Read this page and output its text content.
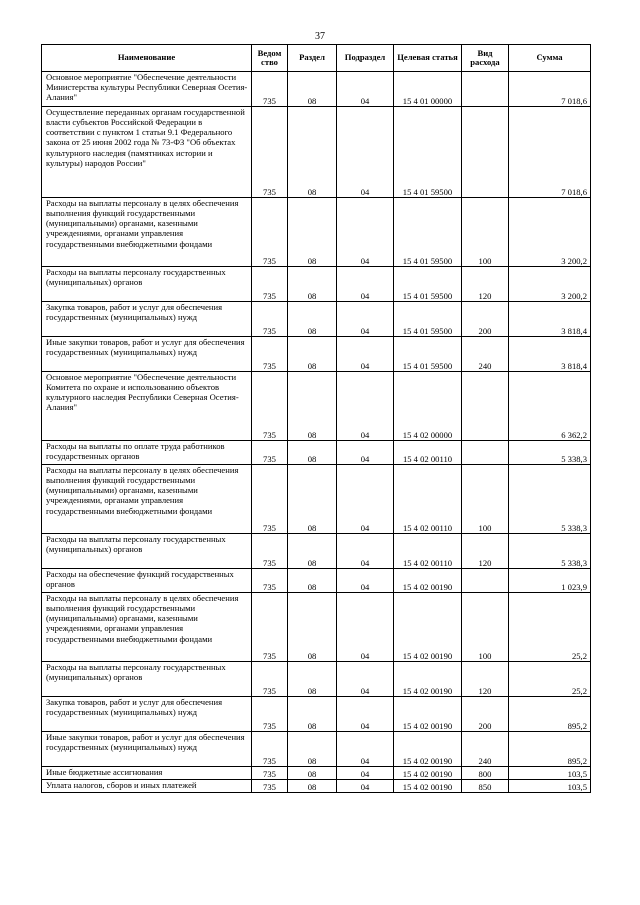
37
Наименование	Ведом ство	Раздел	Подраздел	Целевая статья	Вид расхода	Сумма
Основное мероприятие "Обеспечение деятельности Министерства культуры Республики Северная Осетия-Алания"	735	08	04	15 4 01 00000		7 018,6
Осуществление переданных органам государственной власти субъектов Российской Федерации в соответствии с пунктом 1 статьи 9.1 Федерального закона от 25 июня 2002 года № 73-ФЗ "Об объектах культурного наследия (памятниках истории и культуры) народов России"	735	08	04	15 4 01 59500		7 018,6
Расходы на выплаты персоналу в целях обеспечения выполнения функций государственными (муниципальными) органами, казенными учреждениями, органами управления государственными внебюджетными фондами	735	08	04	15 4 01 59500	100	3 200,2
Расходы на выплаты персоналу государственных (муниципальных) органов	735	08	04	15 4 01 59500	120	3 200,2
Закупка товаров, работ и услуг для обеспечения государственных (муниципальных) нужд	735	08	04	15 4 01 59500	200	3 818,4
Иные закупки товаров, работ и услуг для обеспечения государственных (муниципальных) нужд	735	08	04	15 4 01 59500	240	3 818,4
Основное мероприятие "Обеспечение деятельности Комитета по охране и использованию объектов культурного наследия Республики Северная Осетия-Алания"	735	08	04	15 4 02 00000		6 362,2
Расходы на выплаты по оплате труда работников государственных органов	735	08	04	15 4 02 00110		5 338,3
Расходы на выплаты персоналу в целях обеспечения выполнения функций государственными (муниципальными) органами, казенными учреждениями, органами управления государственными внебюджетными фондами	735	08	04	15 4 02 00110	100	5 338,3
Расходы на выплаты персоналу государственных (муниципальных) органов	735	08	04	15 4 02 00110	120	5 338,3
Расходы на обеспечение функций государственных органов	735	08	04	15 4 02 00190		1 023,9
Расходы на выплаты персоналу в целях обеспечения выполнения функций государственными (муниципальными) органами, казенными учреждениями, органами управления государственными внебюджетными фондами	735	08	04	15 4 02 00190	100	25,2
Расходы на выплаты персоналу государственных (муниципальных) органов	735	08	04	15 4 02 00190	120	25,2
Закупка товаров, работ и услуг для обеспечения государственных (муниципальных) нужд	735	08	04	15 4 02 00190	200	895,2
Иные закупки товаров, работ и услуг для обеспечения государственных (муниципальных) нужд	735	08	04	15 4 02 00190	240	895,2
Иные бюджетные ассигнования	735	08	04	15 4 02 00190	800	103,5
Уплата налогов, сборов и иных платежей	735	08	04	15 4 02 00190	850	103,5
